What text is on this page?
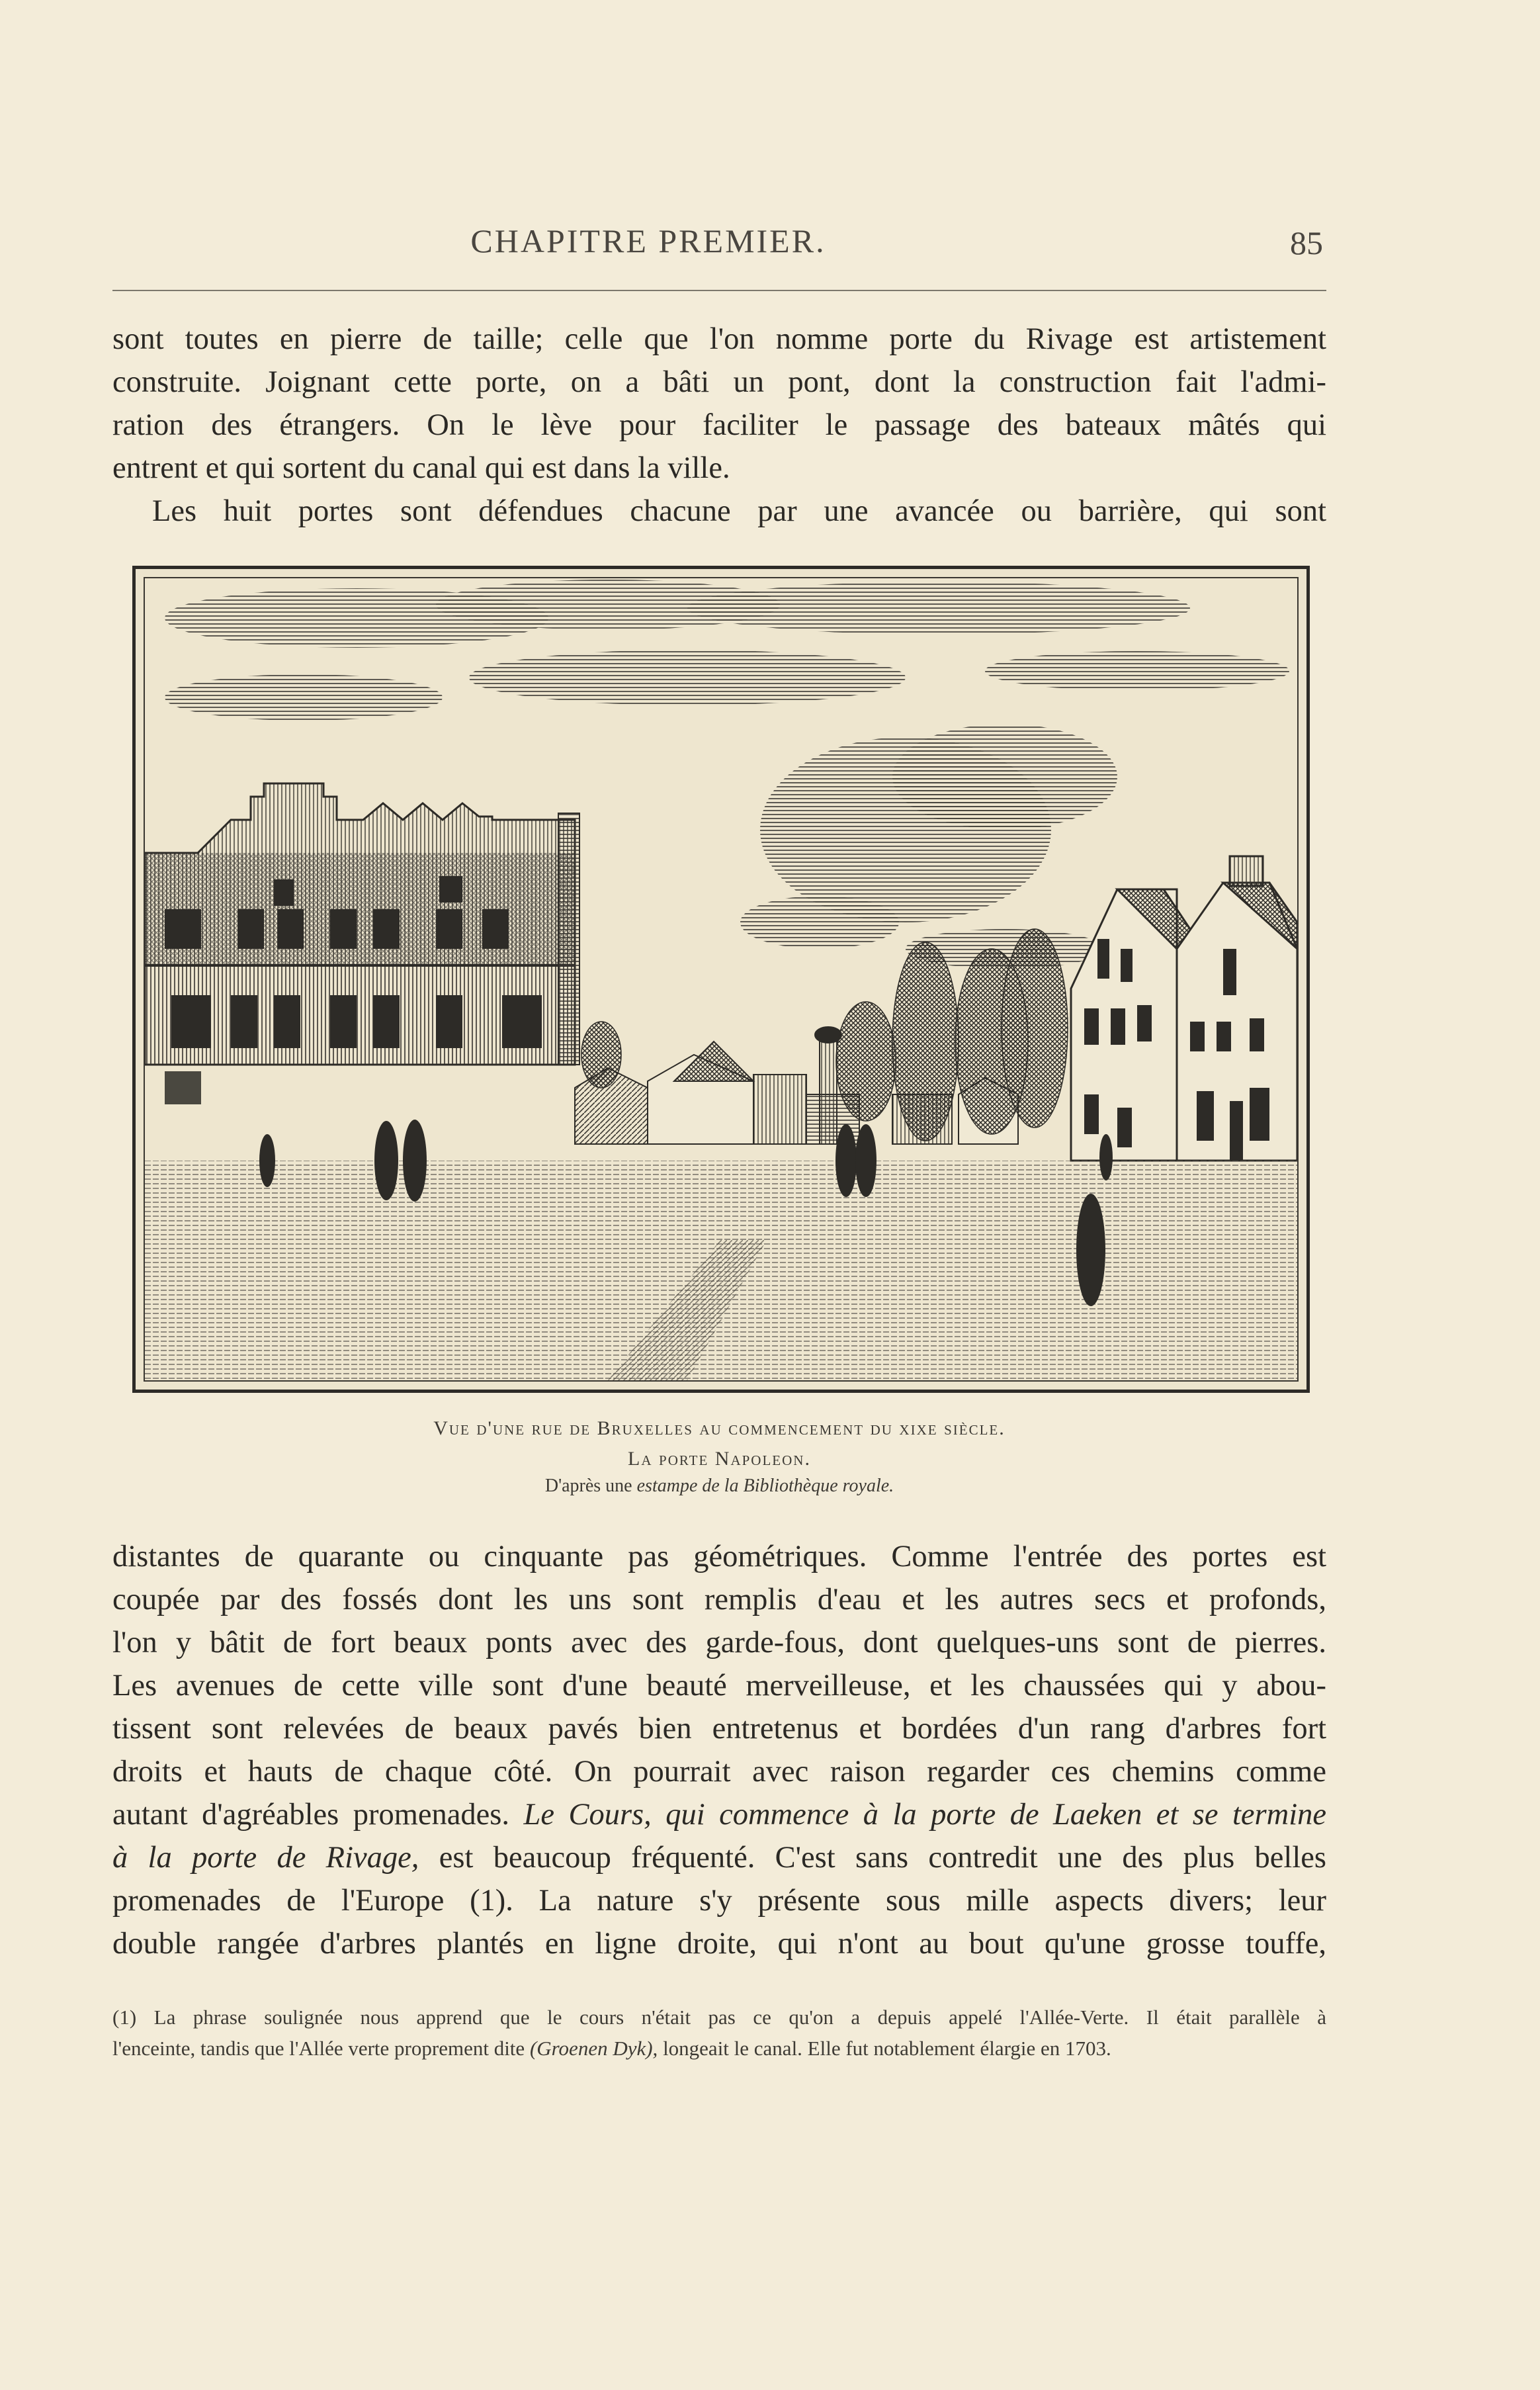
CHAPITRE PREMIER.	85

sont toutes en pierre de taille; celle que l'on nomme porte du Rivage est artistement

construite. Joignant cette porte, on a bâti un pont, dont la construction fait l'admi-

ration des étrangers. On le lève pour faciliter le passage des bateaux mâtés qui

entrent et qui sortent du canal qui est dans la ville.

Les huit portes sont défendues chacune par une avancée ou barrière, qui sont

Vue d'une rue de Bruxelles au commencement du xixe siècle.
La porte Napoleon.
D'après une estampe de la Bibliothèque royale.

distantes de quarante ou cinquante pas géométriques. Comme l'entrée des portes est

coupée par des fossés dont les uns sont remplis d'eau et les autres secs et profonds,

l'on y bâtit de fort beaux ponts avec des garde-fous, dont quelques-uns sont de pierres.

Les avenues de cette ville sont d'une beauté merveilleuse, et les chaussées qui y abou-

tissent sont relevées de beaux pavés bien entretenus et bordées d'un rang d'arbres fort

droits et hauts de chaque côté. On pourrait avec raison regarder ces chemins comme

autant d'agréables promenades. Le Cours, qui commence à la porte de Laeken et se termine

à la porte de Rivage, est beaucoup fréquenté. C'est sans contredit une des plus belles

promenades de l'Europe (1). La nature s'y présente sous mille aspects divers; leur

double rangée d'arbres plantés en ligne droite, qui n'ont au bout qu'une grosse touffe,

(1) La phrase soulignée nous apprend que le cours n'était pas ce qu'on a depuis appelé l'Allée-Verte. Il était parallèle à

l'enceinte, tandis que l'Allée verte proprement dite (Groenen Dyk), longeait le canal. Elle fut notablement élargie en 1703.
